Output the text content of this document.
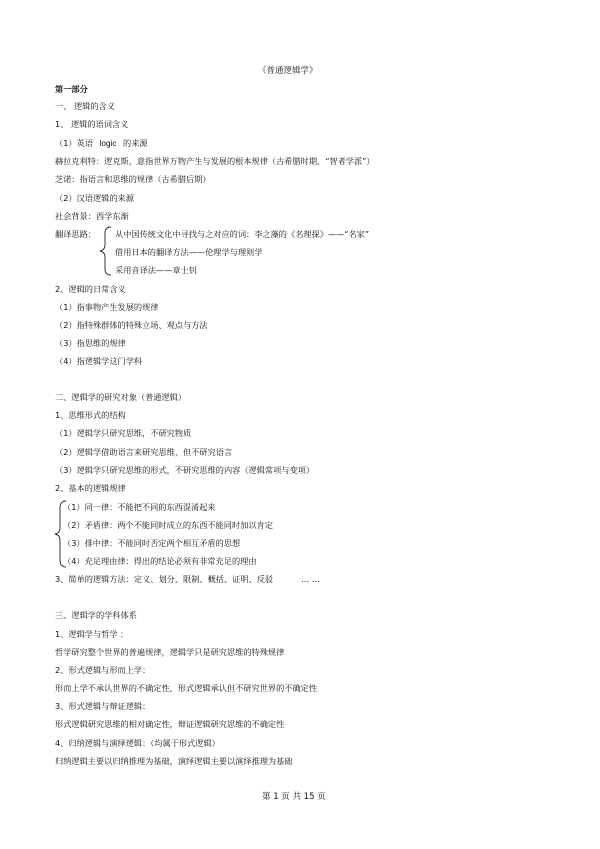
《普通逻辑学》
第一部分
一、 逻辑的含义
1、 逻辑的语词含义
（1）英语 logic 的来源
赫拉克利特：逻克斯，意指世界万物产生与发展的根本规律（古希腊时期，“智者学派”）
芝诺：指语言和思维的规律（古希腊后期）
（2）汉语逻辑的来源
社会背景：西学东渐
翻译思路： 从中国传统文化中寻找与之对应的词：李之藻的《名理探》——“名家”
借用日本的翻译方法——伦理学与理则学
采用音译法——章士钊
2、逻辑的日常含义
（1）指事物产生发展的规律
（2）指特殊群体的特殊立场、观点与方法
（3）指思维的规律
（4）指逻辑学这门学科
二、逻辑学的研究对象（普通逻辑）
1、思维形式的结构
（1）逻辑学只研究思维，不研究物质
（2）逻辑学借助语言来研究思维，但不研究语言
（3）逻辑学只研究思维的形式，不研究思维的内容（逻辑常项与变项）
2、基本的逻辑规律
（1）同一律：不能把不同的东西混淆起来
（2）矛盾律：两个不能同时成立的东西不能同时加以肯定
（3）排中律：不能同时否定两个相互矛盾的思想
（4）充足理由律：得出的结论必须有非常充足的理由
3、简单的逻辑方法：定义、划分、限制、概括、证明、反驳	… …
三、逻辑学的学科体系
1、逻辑学与哲学 ：
哲学研究整个世界的普遍规律，逻辑学只是研究思维的特殊规律
2、形式逻辑与形而上学：
形而上学不承认世界的不确定性，形式逻辑承认但不研究世界的不确定性
3、形式逻辑与辩证逻辑：
形式逻辑研究思维的相对确定性，辩证逻辑研究思维的不确定性
4、归纳逻辑与演绎逻辑：（均属于形式逻辑）
归纳逻辑主要以归纳推理为基础，演绎逻辑主要以演绎推理为基础
第 1 页 共 15 页
